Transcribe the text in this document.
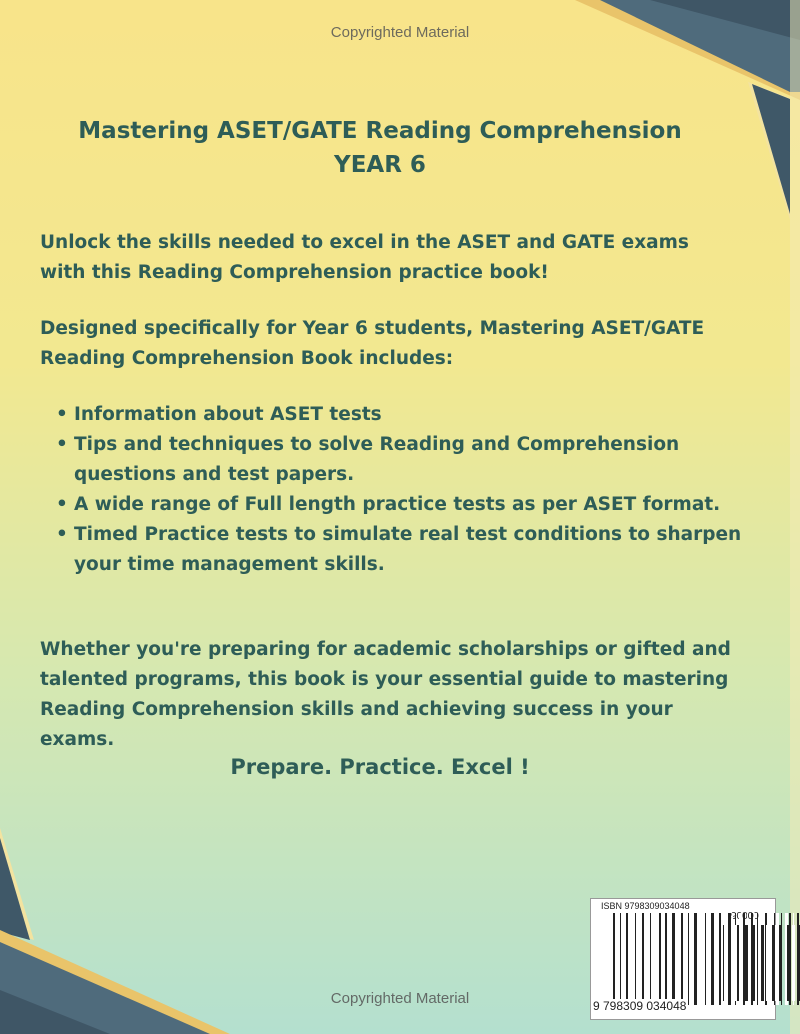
Copyrighted Material
Mastering ASET/GATE Reading Comprehension
YEAR 6
Unlock the skills needed to excel in the ASET and GATE exams with this Reading Comprehension practice book!
Designed specifically for Year 6 students, Mastering ASET/GATE Reading Comprehension Book includes:
• Information about ASET tests
• Tips and techniques to solve Reading and Comprehension questions and test papers.
• A wide range of Full length practice tests as per ASET format.
• Timed Practice tests to simulate real test conditions to sharpen your time management skills.
Whether you're preparing for academic scholarships or gifted and talented programs, this book is your essential guide to mastering Reading Comprehension skills and achieving success in your exams.
Prepare. Practice. Excel !
ISBN 9798309034048
9 798309 034048
Copyrighted Material
